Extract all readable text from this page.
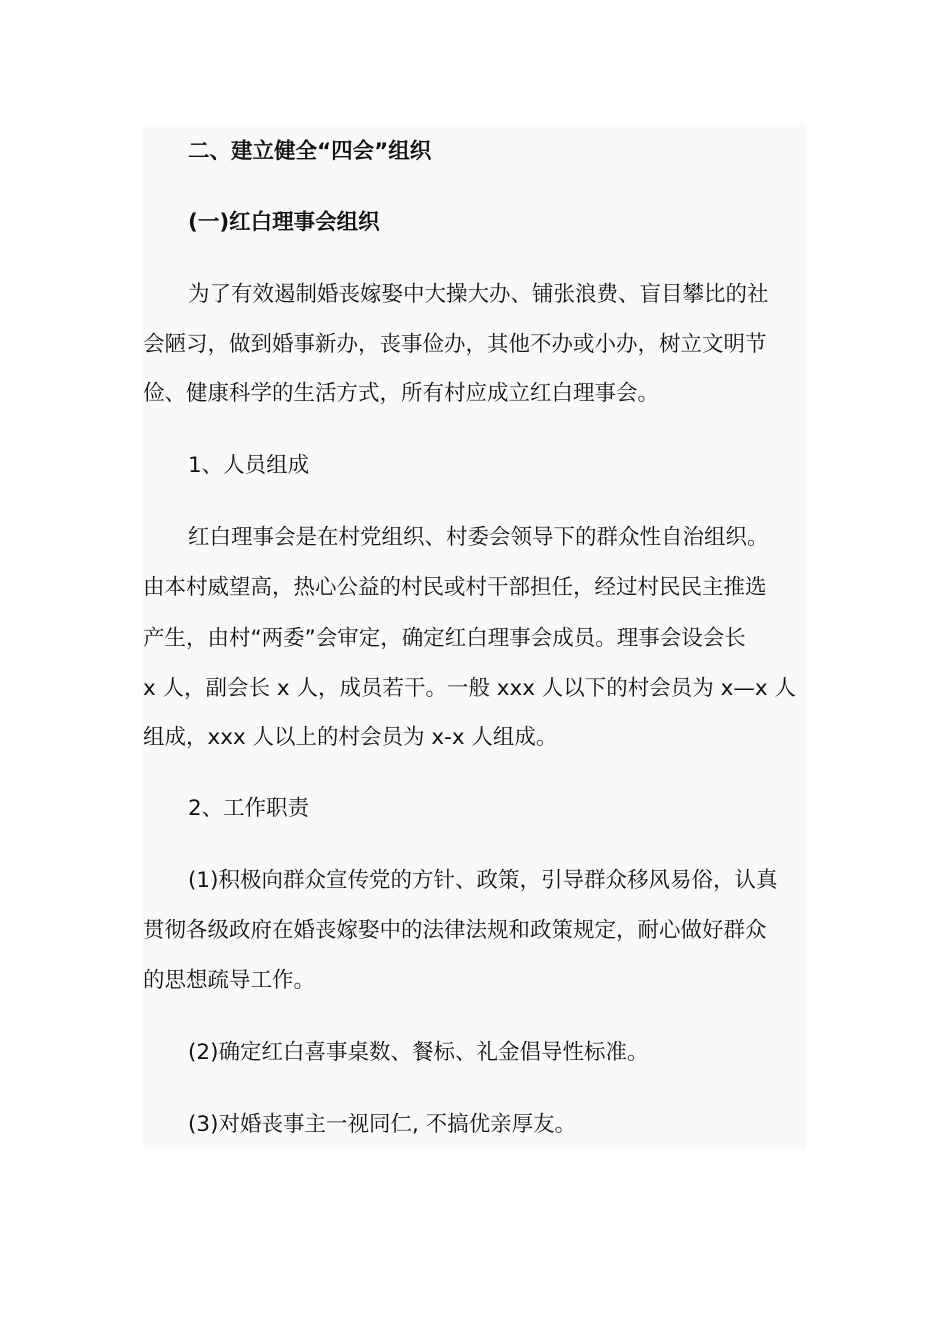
二、建立健全“四会”组织
(一)红白理事会组织
为了有效遏制婚丧嫁娶中大操大办、铺张浪费、盲目攀比的社
会陋习，做到婚事新办，丧事俭办，其他不办或小办，树立文明节
俭、健康科学的生活方式，所有村应成立红白理事会。
1、人员组成
红白理事会是在村党组织、村委会领导下的群众性自治组织。
由本村威望高，热心公益的村民或村干部担任，经过村民民主推选
产生，由村“两委”会审定，确定红白理事会成员。理事会设会长
x 人，副会长 x 人，成员若干。一般 xxx 人以下的村会员为 x—x 人
组成，xxx 人以上的村会员为 x-x 人组成。
2、工作职责
(1)积极向群众宣传党的方针、政策，引导群众移风易俗，认真
贯彻各级政府在婚丧嫁娶中的法律法规和政策规定，耐心做好群众
的思想疏导工作。
(2)确定红白喜事桌数、餐标、礼金倡导性标准。
(3)对婚丧事主一视同仁, 不搞优亲厚友。
